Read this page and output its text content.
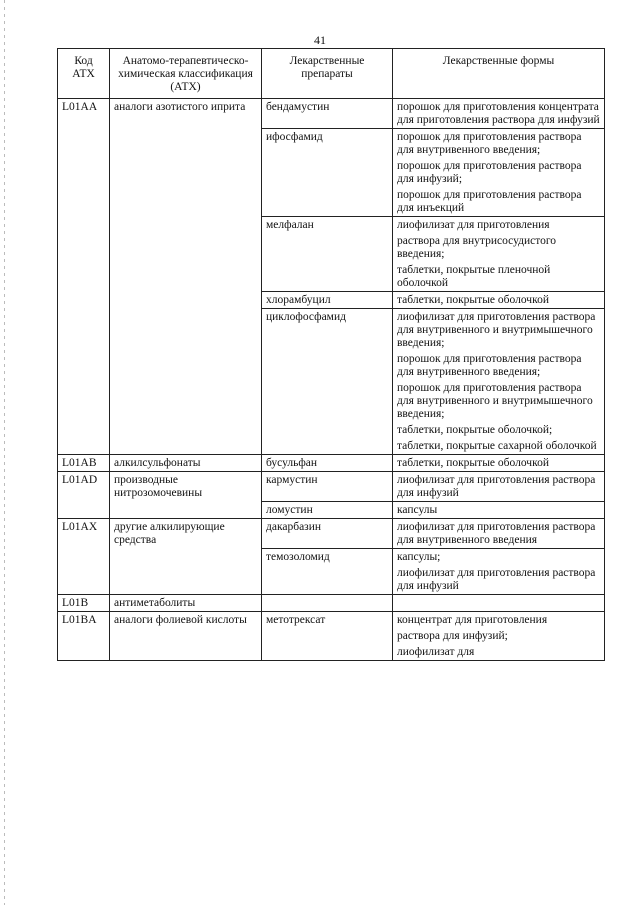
41
Код АТХ	Анатомо-терапевтическо-химическая классификация (АТХ)	Лекарственные препараты	Лекарственные формы
L01AA	аналоги азотистого иприта	бендамустин	порошок для приготовления концентрата для приготовления раствора для инфузий

		ифосфамид	порошок для приготовления раствора для внутривенного введения;
порошок для приготовления раствора для инфузий;
порошок для приготовления раствора для инъекций

		мелфалан	лиофилизат для приготовления
раствора для внутрисосудистого введения;
таблетки, покрытые пленочной оболочкой

		хлорамбуцил	таблетки, покрытые оболочкой

		циклофосфамид	лиофилизат для приготовления раствора для внутривенного и внутримышечного введения;
порошок для приготовления раствора для внутривенного введения;
порошок для приготовления раствора для внутривенного и внутримышечного введения;
таблетки, покрытые оболочкой;
таблетки, покрытые сахарной оболочкой

L01AB	алкилсульфонаты	бусульфан	таблетки, покрытые оболочкой

L01AD	производные нитрозомочевины	кармустин	лиофилизат для приготовления раствора для инфузий

		ломустин	капсулы

L01AX	другие алкилирующие средства	дакарбазин	лиофилизат для приготовления раствора для внутривенного введения

		темозоломид	капсулы;
лиофилизат для приготовления раствора для инфузий

L01B	антиметаболиты		
L01BA	аналоги фолиевой кислоты	метотрексат	концентрат для приготовления
раствора для инфузий;
лиофилизат для
